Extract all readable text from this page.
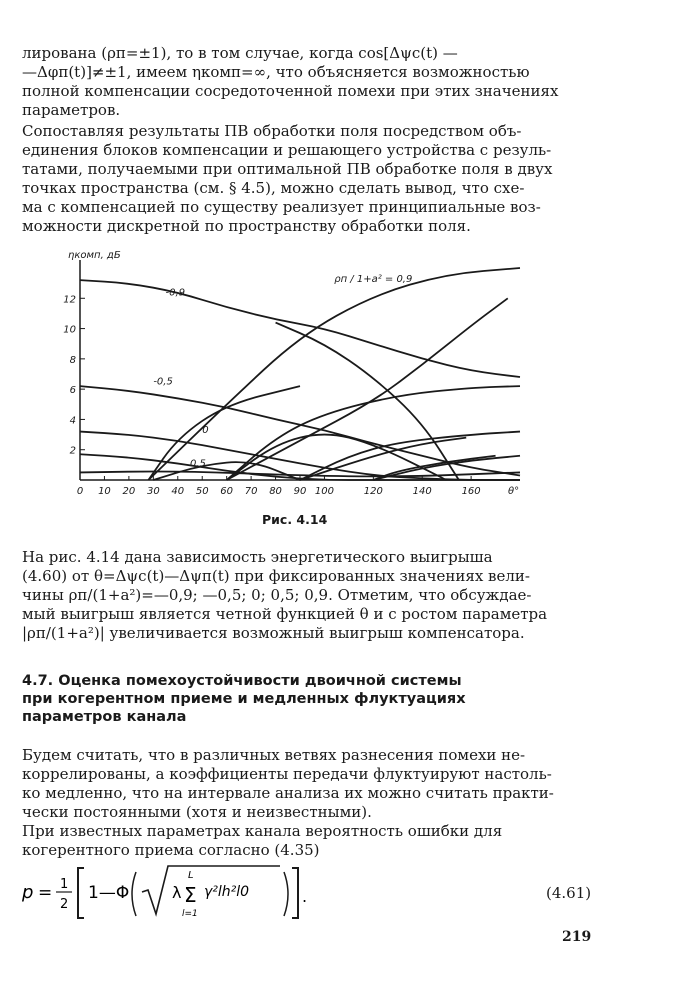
лирована (ρп=±1), то в том случае, когда cos[Δψс(t) —
—Δφп(t)]≠±1, имеем ηкомп=∞, что объясняется возможностью
полной компенсации сосредоточенной помехи при этих значениях
параметров.
Сопоставляя результаты ПВ обработки поля посредством объ-
единения блоков компенсации и решающего устройства с резуль-
татами, получаемыми при оптимальной ПВ обработке поля в двух
точках пространства (см. § 4.5), можно сделать вывод, что схе-
ма с компенсацией по существу реализует принципиальные воз-
можности дискретной по пространству обработки поля.
2
4
6
8
10
12
0 10 20 30 40 50 60 70 80 90 100	120	140	160
ηкомп, дБ
θ°
ρп / 1+a² = 0,9
-0,9
-0,5
0
0,5
Рис. 4.14
На рис. 4.14 дана зависимость энергетического выигрыша
(4.60) от θ=Δψс(t)—Δψп(t) при фиксированных значениях вели-
чины ρп/(1+a²)=—0,9; —0,5; 0; 0,5; 0,9. Отметим, что обсуждае-
мый выигрыш является четной функцией θ и с ростом параметра
|ρп/(1+a²)| увеличивается возможный выигрыш компенсатора.
4.7. Оценка помехоустойчивости двоичной системы
при когерентном приеме и медленных флуктуациях
параметров канала
Будем считать, что в различных ветвях разнесения помехи не-
коррелированы, а коэффициенты передачи флуктуируют настоль-
ко медленно, что на интервале анализа их можно считать практи-
чески постоянными (хотя и неизвестными).
При известных параметрах канала вероятность ошибки для
когерентного приема согласно (4.35)
p = 1
2
1—Φ	λ
L
Σ
l=1
γ²lh²l0	.	(4.61)
219
